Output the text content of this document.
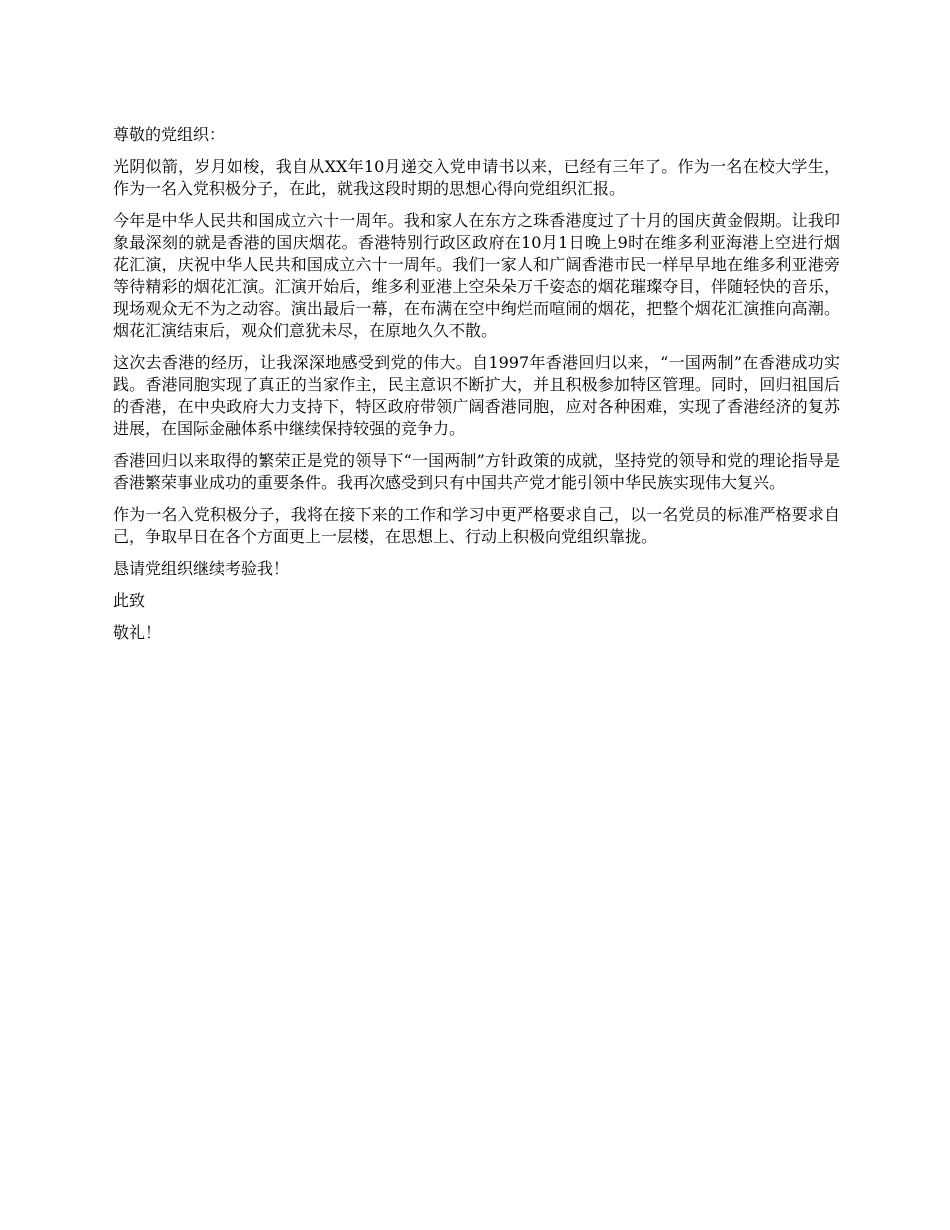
尊敬的党组织：

光阴似箭，岁月如梭，我自从XX年10月递交入党申请书以来，已经有三年了。作为一名在校大学生，作为一名入党积极分子，在此，就我这段时期的思想心得向党组织汇报。

今年是中华人民共和国成立六十一周年。我和家人在东方之珠香港度过了十月的国庆黄金假期。让我印象最深刻的就是香港的国庆烟花。香港特别行政区政府在10月1日晚上9时在维多利亚海港上空进行烟花汇演，庆祝中华人民共和国成立六十一周年。我们一家人和广阔香港市民一样早早地在维多利亚港旁等待精彩的烟花汇演。汇演开始后，维多利亚港上空朵朵万千姿态的烟花璀璨夺目，伴随轻快的音乐，现场观众无不为之动容。演出最后一幕，在布满在空中绚烂而喧闹的烟花，把整个烟花汇演推向高潮。烟花汇演结束后，观众们意犹未尽，在原地久久不散。

这次去香港的经历，让我深深地感受到党的伟大。自1997年香港回归以来，“一国两制”在香港成功实践。香港同胞实现了真正的当家作主，民主意识不断扩大，并且积极参加特区管理。同时，回归祖国后的香港，在中央政府大力支持下，特区政府带领广阔香港同胞，应对各种困难，实现了香港经济的复苏进展，在国际金融体系中继续保持较强的竞争力。

香港回归以来取得的繁荣正是党的领导下“一国两制”方针政策的成就，坚持党的领导和党的理论指导是香港繁荣事业成功的重要条件。我再次感受到只有中国共产党才能引领中华民族实现伟大复兴。

作为一名入党积极分子，我将在接下来的工作和学习中更严格要求自己，以一名党员的标准严格要求自己，争取早日在各个方面更上一层楼，在思想上、行动上积极向党组织靠拢。

恳请党组织继续考验我！

此致

敬礼！
